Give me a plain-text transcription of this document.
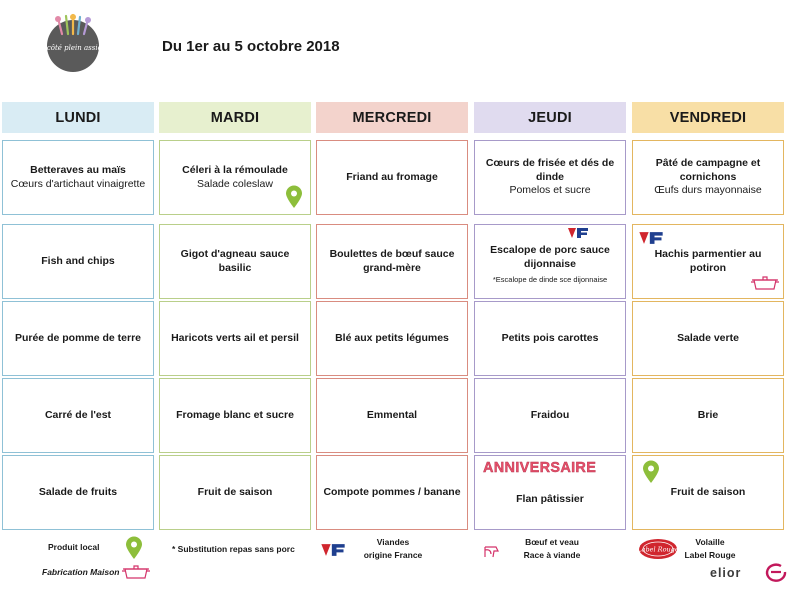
Du côté plein assiette	Du 1er au 5 octobre 2018
LUNDI
Betteraves au maïs
Cœurs d'artichaut vinaigrette
Fish and chips
Purée de pomme de terre
Carré de l'est
Salade de fruits
MARDI
Céleri à la rémoulade
Salade coleslaw
Gigot d'agneau sauce basilic
Haricots verts ail et persil
Fromage blanc et sucre
Fruit de saison
MERCREDI
Friand au fromage
Boulettes de bœuf sauce grand-mère
Blé aux petits légumes
Emmental
Compote pommes / banane
JEUDI
Cœurs de frisée et dés de dinde
Pomelos et sucre
Escalope de porc sauce dijonnaise
*Escalope de dinde sce dijonnaise
Petits pois carottes
Fraidou
ANNIVERSAIRE
Flan pâtissier
VENDREDI
Pâté de campagne et cornichons
Œufs durs mayonnaise
Hachis parmentier au potiron
Salade verte
Brie
Fruit de saison
Produit local
Fabrication Maison
* Substitution repas sans porc
Viandes
origine France
Bœuf et veau
Race à viande
Label Rouge
Volaille
Label Rouge
elior
